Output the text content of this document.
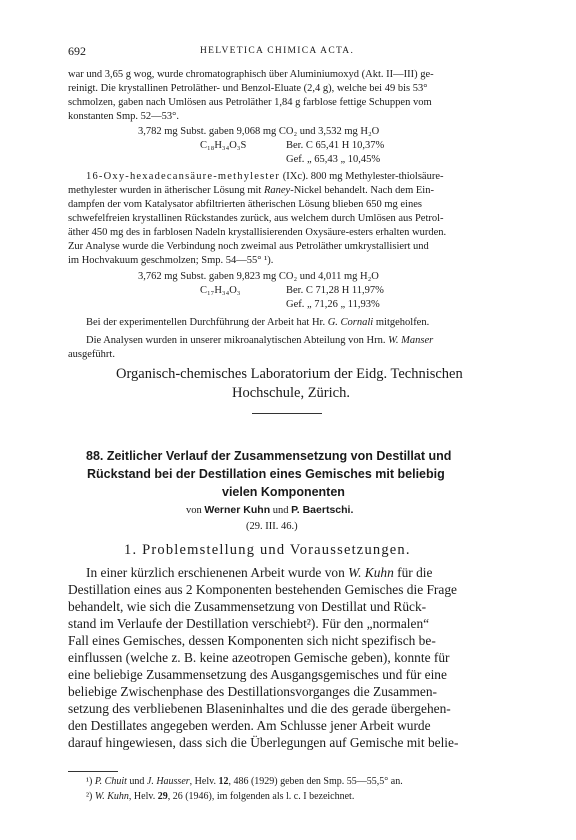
692	HELVETICA CHIMICA ACTA.
war und 3,65 g wog, wurde chromatographisch über Aluminiumoxyd (Akt. II—III) ge-
reinigt. Die krystallinen Petroläther- und Benzol-Eluate (2,4 g), welche bei 49 bis 53°
schmolzen, gaben nach Umlösen aus Petroläther 1,84 g farblose fettige Schuppen vom
konstanten Smp. 52—53°.
3,782 mg Subst. gaben 9,068 mg CO₂ und 3,532 mg H₂O
C₁₈H₃₄O₃S	Ber. C 65,41 H 10,37%
Gef. „ 65,43 „ 10,45%
16-Oxy-hexadecansäure-methylester (IXc). 800 mg Methylester-thiolsäure-
methylester wurden in ätherischer Lösung mit Raney-Nickel behandelt. Nach dem Ein-
dampfen der vom Katalysator abfiltrierten ätherischen Lösung blieben 650 mg eines
schwefelfreien krystallinen Rückstandes zurück, aus welchem durch Umlösen aus Petrol-
äther 450 mg des in farblosen Nadeln krystallisierenden Oxysäure-esters erhalten wurden.
Zur Analyse wurde die Verbindung noch zweimal aus Petroläther umkrystallisiert und
im Hochvakuum geschmolzen; Smp. 54—55° ¹).
3,762 mg Subst. gaben 9,823 mg CO₂ und 4,011 mg H₂O
C₁₇H₃₄O₃	Ber. C 71,28 H 11,97%
Gef. „ 71,26 „ 11,93%
Bei der experimentellen Durchführung der Arbeit hat Hr. G. Cornali mitgeholfen.
Die Analysen wurden in unserer mikroanalytischen Abteilung von Hrn. W. Manser
ausgeführt.
Organisch-chemisches Laboratorium der Eidg. Technischen
Hochschule, Zürich.
88. Zeitlicher Verlauf der Zusammensetzung von Destillat und
Rückstand bei der Destillation eines Gemisches mit beliebig
vielen Komponenten
von Werner Kuhn und P. Baertschi.
(29. III. 46.)
1. Problemstellung und Voraussetzungen.
In einer kürzlich erschienenen Arbeit wurde von W. Kuhn für die
Destillation eines aus 2 Komponenten bestehenden Gemisches die Frage
behandelt, wie sich die Zusammensetzung von Destillat und Rück-
stand im Verlaufe der Destillation verschiebt²). Für den „normalen“
Fall eines Gemisches, dessen Komponenten sich nicht spezifisch be-
einflussen (welche z. B. keine azeotropen Gemische geben), konnte für
eine beliebige Zusammensetzung des Ausgangsgemisches und für eine
beliebige Zwischenphase des Destillationsvorganges die Zusammen-
setzung des verbliebenen Blaseninhaltes und die des gerade übergehen-
den Destillates angegeben werden. Am Schlusse jener Arbeit wurde
darauf hingewiesen, dass sich die Überlegungen auf Gemische mit belie-
¹) P. Chuit und J. Hausser, Helv. 12, 486 (1929) geben den Smp. 55—55,5° an.
²) W. Kuhn, Helv. 29, 26 (1946), im folgenden als l. c. I bezeichnet.
